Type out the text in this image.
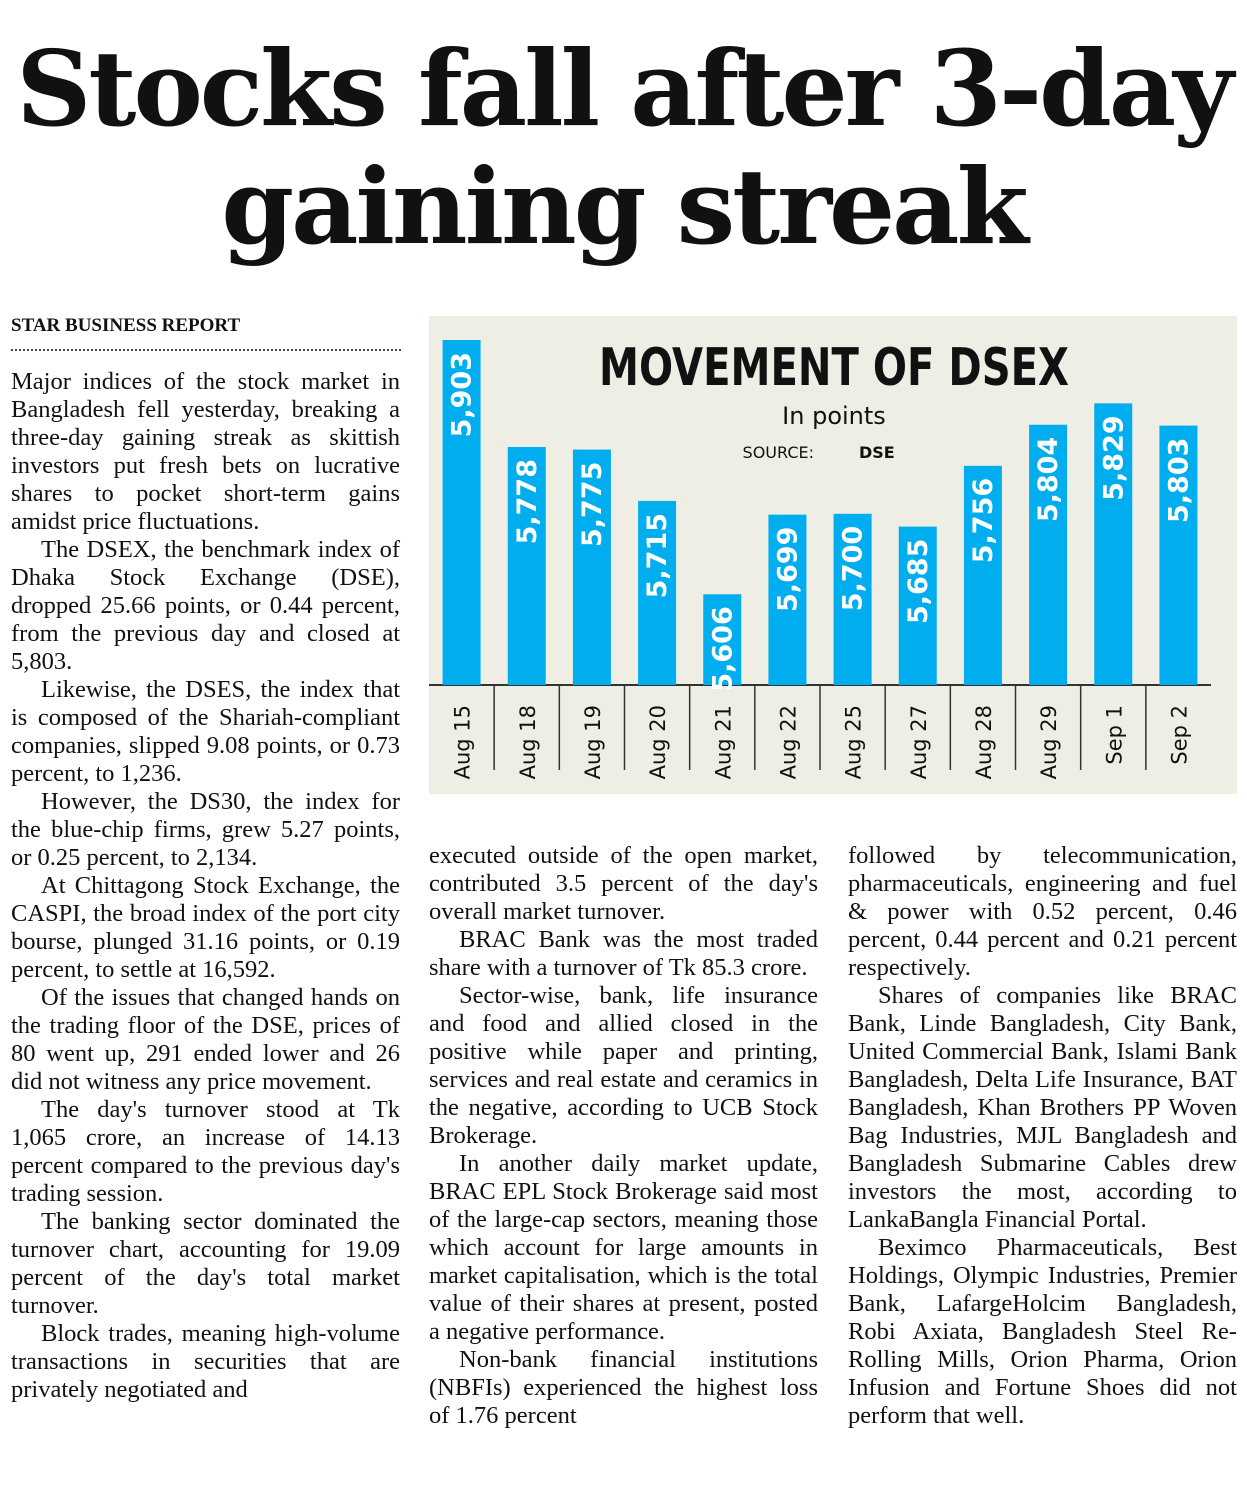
Stocks fall after 3-day gaining streak
STAR BUSINESS REPORT

Major indices of the stock market in Bangladesh fell yesterday, breaking a three-day gaining streak as skittish investors put fresh bets on lucrative shares to pocket short-term gains amidst price fluctuations.

The DSEX, the benchmark index of Dhaka Stock Exchange (DSE), dropped 25.66 points, or 0.44 percent, from the previous day and closed at 5,803.

Likewise, the DSES, the index that is composed of the Shariah-compliant companies, slipped 9.08 points, or 0.73 percent, to 1,236.

However, the DS30, the index for the blue-chip firms, grew 5.27 points, or 0.25 percent, to 2,134.

At Chittagong Stock Exchange, the CASPI, the broad index of the port city bourse, plunged 31.16 points, or 0.19 percent, to settle at 16,592.

Of the issues that changed hands on the trading floor of the DSE, prices of 80 went up, 291 ended lower and 26 did not witness any price movement.

The day's turnover stood at Tk 1,065 crore, an increase of 14.13 percent compared to the previous day's trading session.

The banking sector dominated the turnover chart, accounting for 19.09 percent of the day's total market turnover.

Block trades, meaning high-volume transactions in securities that are privately negotiated and

MOVEMENT OF DSEX
In points
SOURCE:	DSE
5,903
Aug 15
5,778
Aug 18
5,775
Aug 19
5,715
Aug 20
5,606
Aug 21
5,699
Aug 22
5,700
Aug 25
5,685
Aug 27
5,756
Aug 28
5,804
Aug 29
5,829
Sep 1
5,803
Sep 2

executed outside of the open market, contributed 3.5 percent of the day's overall market turnover.

BRAC Bank was the most traded share with a turnover of Tk 85.3 crore.

Sector-wise, bank, life insurance and food and allied closed in the positive while paper and printing, services and real estate and ceramics in the negative, according to UCB Stock Brokerage.

In another daily market update, BRAC EPL Stock Brokerage said most of the large-cap sectors, meaning those which account for large amounts in market capitalisation, which is the total value of their shares at present, posted a negative performance.

Non-bank financial institutions (NBFIs) experienced the highest loss of 1.76 percent

followed by telecommunication, pharmaceuticals, engineering and fuel & power with 0.52 percent, 0.46 percent, 0.44 percent and 0.21 percent respectively.

Shares of companies like BRAC Bank, Linde Bangladesh, City Bank, United Commercial Bank, Islami Bank Bangladesh, Delta Life Insurance, BAT Bangladesh, Khan Brothers PP Woven Bag Industries, MJL Bangladesh and Bangladesh Submarine Cables drew investors the most, according to LankaBangla Financial Portal.

Beximco Pharmaceuticals, Best Holdings, Olympic Industries, Premier Bank, LafargeHolcim Bangladesh, Robi Axiata, Bangladesh Steel Re-Rolling Mills, Orion Pharma, Orion Infusion and Fortune Shoes did not perform that well.
